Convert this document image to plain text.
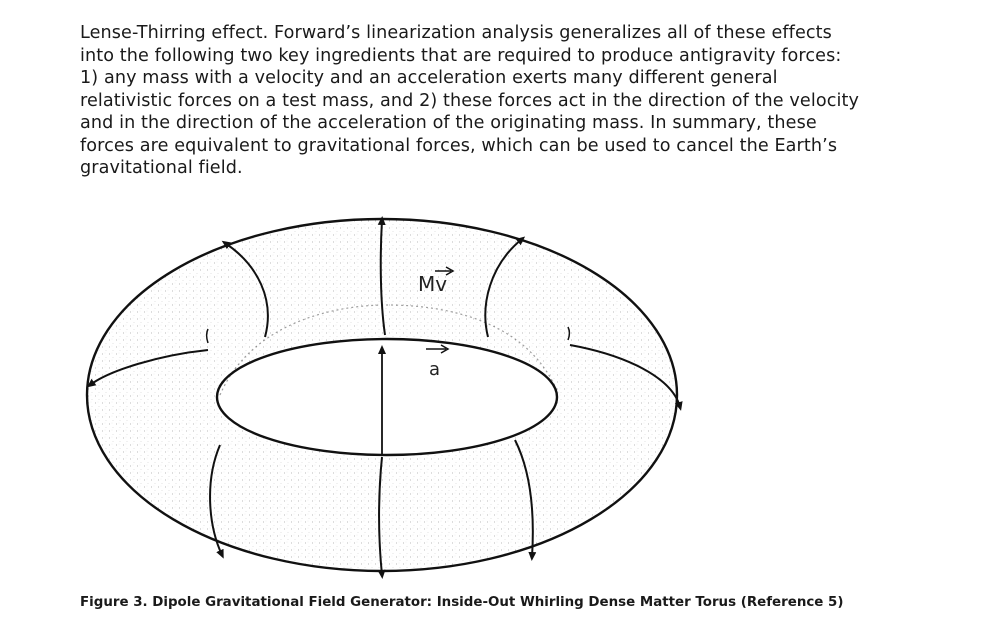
Lense-Thirring effect. Forward’s linearization analysis generalizes all of these effects
into the following two key ingredients that are required to produce antigravity forces:
1) any mass with a velocity and an acceleration exerts many different general
relativistic forces on a test mass, and 2) these forces act in the direction of the velocity
and in the direction of the acceleration of the originating mass. In summary, these
forces are equivalent to gravitational forces, which can be used to cancel the Earth’s
gravitational field.
Mv
a
Figure 3. Dipole Gravitational Field Generator: Inside-Out Whirling Dense Matter Torus (Reference 5)
